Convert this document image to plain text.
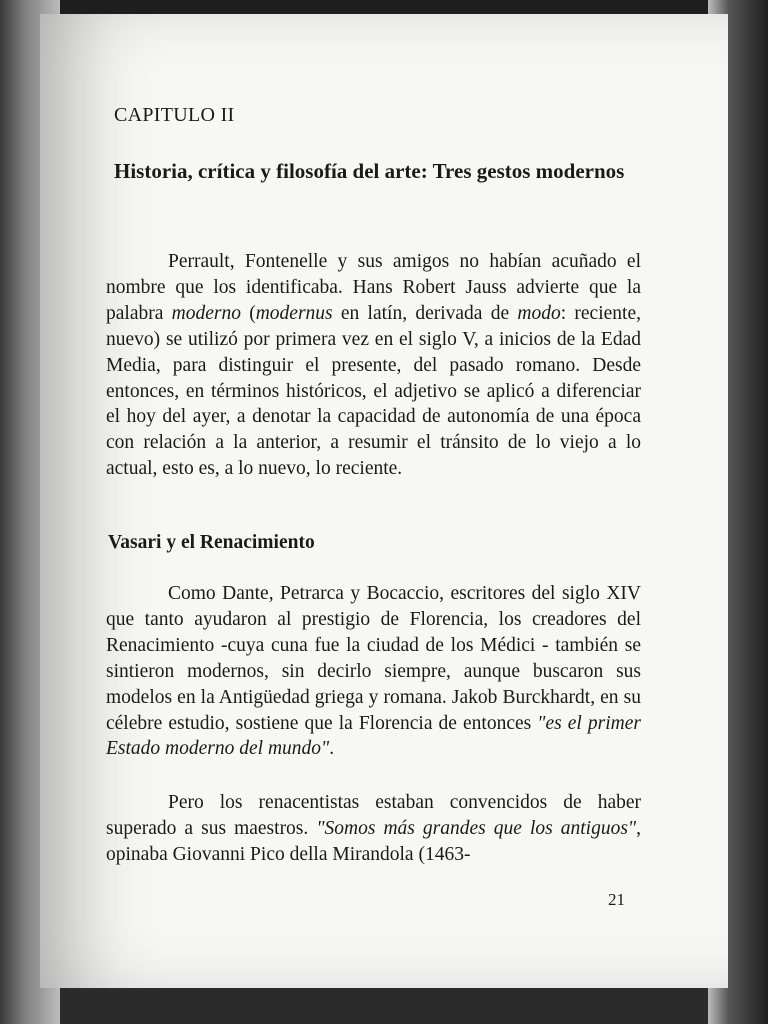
CAPITULO II
Historia, crítica y filosofía del arte: Tres gestos modernos

Perrault, Fontenelle y sus amigos no habían acuñado el nombre que los identificaba. Hans Robert Jauss advierte que la palabra moderno (modernus en latín, derivada de modo: reciente, nuevo) se utilizó por primera vez en el siglo V, a inicios de la Edad Media, para distinguir el presente, del pasado romano. Desde entonces, en términos históricos, el adjetivo se aplicó a diferenciar el hoy del ayer, a denotar la capacidad de autonomía de una época con relación a la anterior, a resumir el tránsito de lo viejo a lo actual, esto es, a lo nuevo, lo reciente.

Vasari y el Renacimiento

Como Dante, Petrarca y Bocaccio, escritores del siglo XIV que tanto ayudaron al prestigio de Florencia, los creadores del Renacimiento -cuya cuna fue la ciudad de los Médici - también se sintieron modernos, sin decirlo siempre, aunque buscaron sus modelos en la Antigüedad griega y romana. Jakob Burckhardt, en su célebre estudio, sostiene que la Florencia de entonces "es el primer Estado moderno del mundo".

Pero los renacentistas estaban convencidos de haber superado a sus maestros. "Somos más grandes que los antiguos", opinaba Giovanni Pico della Mirandola (1463-

21
